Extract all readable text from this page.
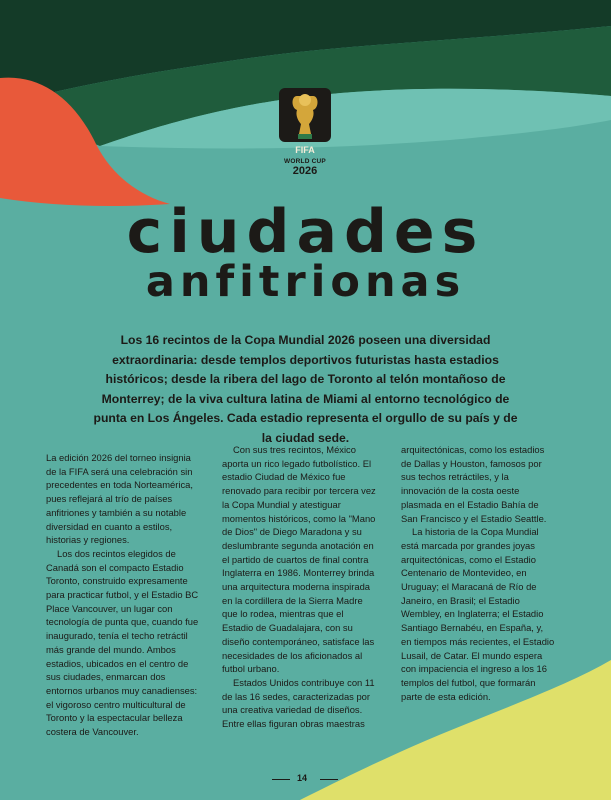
FIFA
WORLD CUP
2026
ciudades
anfitrionas
Los 16 recintos de la Copa Mundial 2026 poseen una diversidad extraordinaria: desde templos deportivos futuristas hasta estadios históricos; desde la ribera del lago de Toronto al telón montañoso de Monterrey; de la viva cultura latina de Miami al entorno tecnológico de punta en Los Ángeles. Cada estadio representa el orgullo de su país y de la ciudad sede.

La edición 2026 del torneo insignia de la FIFA será una celebración sin precedentes en toda Norteamérica, pues reflejará al trío de países anfitriones y también a su notable diversidad en cuanto a estilos, historias y regiones.

Los dos recintos elegidos de Canadá son el compacto Estadio Toronto, construido expresamente para practicar futbol, y el Estadio BC Place Vancouver, un lugar con tecnología de punta que, cuando fue inaugurado, tenía el techo retráctil más grande del mundo. Ambos estadios, ubicados en el centro de sus ciudades, enmarcan dos entornos urbanos muy canadienses: el vigoroso centro multicultural de Toronto y la espectacular belleza costera de Vancouver.

Con sus tres recintos, México aporta un rico legado futbolístico. El estadio Ciudad de México fue renovado para recibir por tercera vez la Copa Mundial y atestiguar momentos históricos, como la "Mano de Dios" de Diego Maradona y su deslumbrante segunda anotación en el partido de cuartos de final contra Inglaterra en 1986. Monterrey brinda una arquitectura moderna inspirada en la cordillera de la Sierra Madre que lo rodea, mientras que el Estadio de Guadalajara, con su diseño contemporáneo, satisface las necesidades de los aficionados al futbol urbano.

Estados Unidos contribuye con 11 de las 16 sedes, caracterizadas por una creativa variedad de diseños. Entre ellas figuran obras maestras

arquitectónicas, como los estadios de Dallas y Houston, famosos por sus techos retráctiles, y la innovación de la costa oeste plasmada en el Estadio Bahía de San Francisco y el Estadio Seattle.

La historia de la Copa Mundial está marcada por grandes joyas arquitectónicas, como el Estadio Centenario de Montevideo, en Uruguay; el Maracaná de Río de Janeiro, en Brasil; el Estadio Wembley, en Inglaterra; el Estadio Santiago Bernabéu, en España, y, en tiempos más recientes, el Estadio Lusail, de Catar. El mundo espera con impaciencia el ingreso a los 16 templos del futbol, que formarán parte de esta edición.

14
